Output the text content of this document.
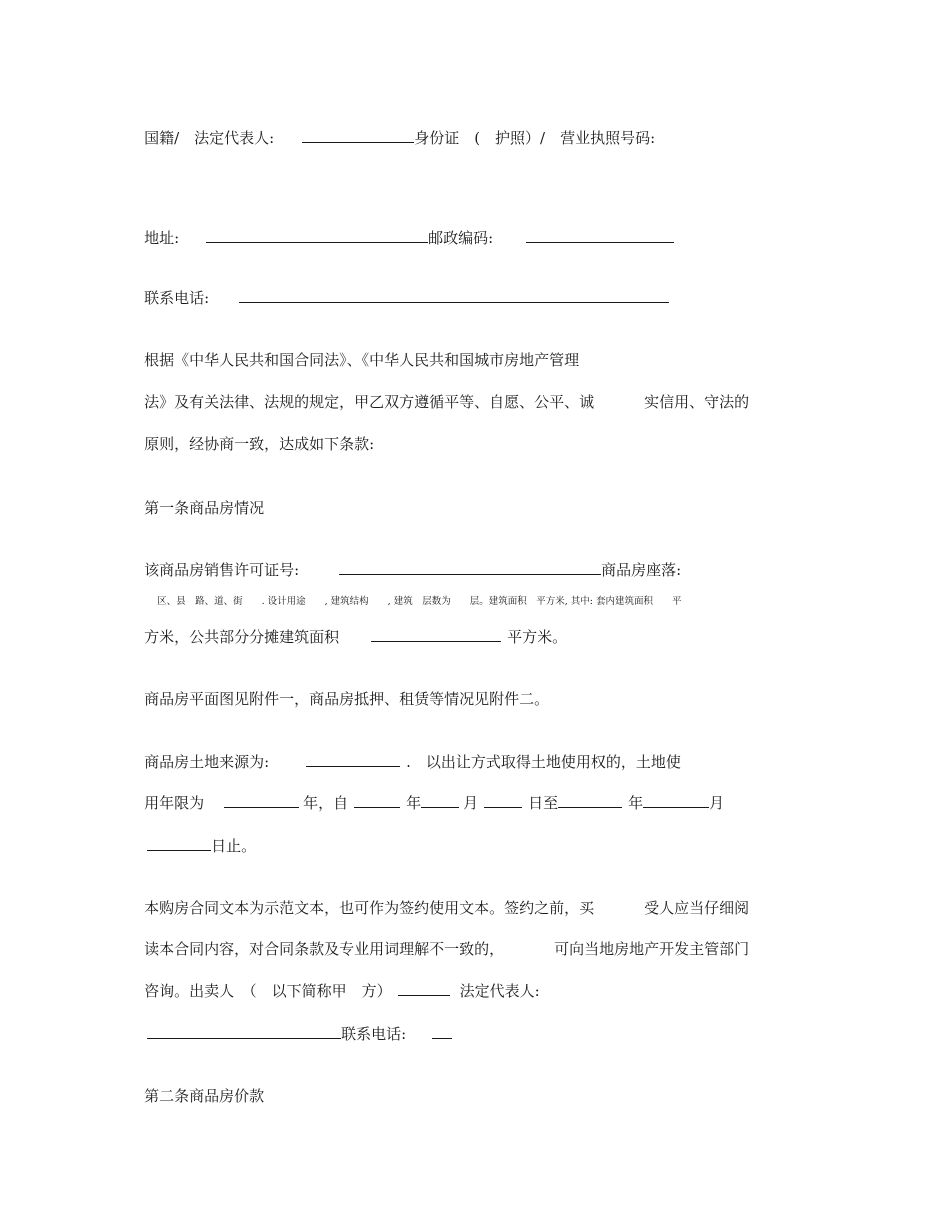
国籍/　法定代表人:	身份证　(　护照）/　营业执照号码:

地址:	邮政编码:

联系电话:

根据《中华人民共和国合同法》、《中华人民共和国城市房地产管理

法》及有关法律、法规的规定，甲乙双方遵循平等、自愿、公平、诚	实信用、守法的

原则，经协商一致，达成如下条款:

第一条商品房情况

该商品房销售许可证号:	商品房座落:

区、县　路、道、街　　. 设计用途　　, 建筑结构　　, 建筑　层数为　　层。建筑面积　平方米, 其中: 套内建筑面积　　平

方米，公共部分分摊建筑面积	平方米。

商品房平面图见附件一，商品房抵押、租赁等情况见附件二。

商品房土地来源为:	.　以出让方式取得土地使用权的，土地使

用年限为	年，自	年	月	日至	年	月

日止。

本购房合同文本为示范文本，也可作为签约使用文本。签约之前，买	受人应当仔细阅

读本合同内容，对合同条款及专业用词理解不一致的，	可向当地房地产开发主管部门

咨询。出卖人　（　以下简称甲　方）	法定代表人:

联系电话:

第二条商品房价款
